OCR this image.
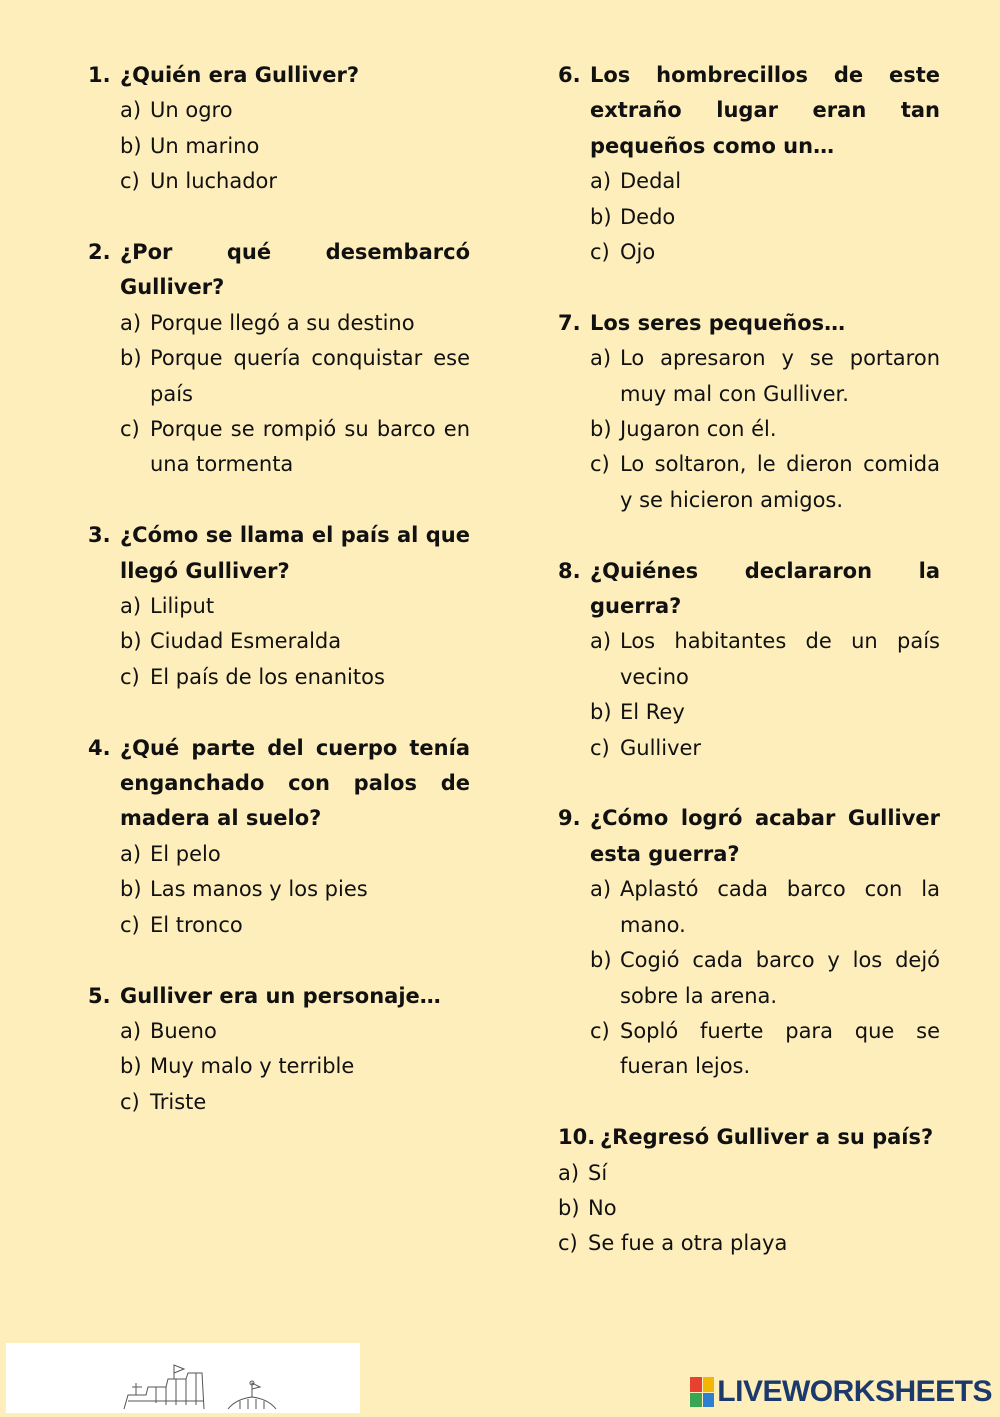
1. ¿Quién era Gulliver?
a) Un ogro
b) Un marino
c) Un luchador
2. ¿Por qué desembarcó Gulliver?
a) Porque llegó a su destino
b) Porque quería conquistar ese país
c) Porque se rompió su barco en una tormenta
3. ¿Cómo se llama el país al que llegó Gulliver?
a) Liliput
b) Ciudad Esmeralda
c) El país de los enanitos
4. ¿Qué parte del cuerpo tenía enganchado con palos de madera al suelo?
a) El pelo
b) Las manos y los pies
c) El tronco
5. Gulliver era un personaje…
a) Bueno
b) Muy malo y terrible
c) Triste
6. Los hombrecillos de este extraño lugar eran tan pequeños como un…
a) Dedal
b) Dedo
c) Ojo
7. Los seres pequeños…
a) Lo apresaron y se portaron muy mal con Gulliver.
b) Jugaron con él.
c) Lo soltaron, le dieron comida y se hicieron amigos.
8. ¿Quiénes declararon la guerra?
a) Los habitantes de un país vecino
b) El Rey
c) Gulliver
9. ¿Cómo logró acabar Gulliver esta guerra?
a) Aplastó cada barco con la mano.
b) Cogió cada barco y los dejó sobre la arena.
c) Sopló fuerte para que se fueran lejos.
10. ¿Regresó Gulliver a su país?
a) Sí
b) No
c) Se fue a otra playa
LIVEWORKSHEETS
